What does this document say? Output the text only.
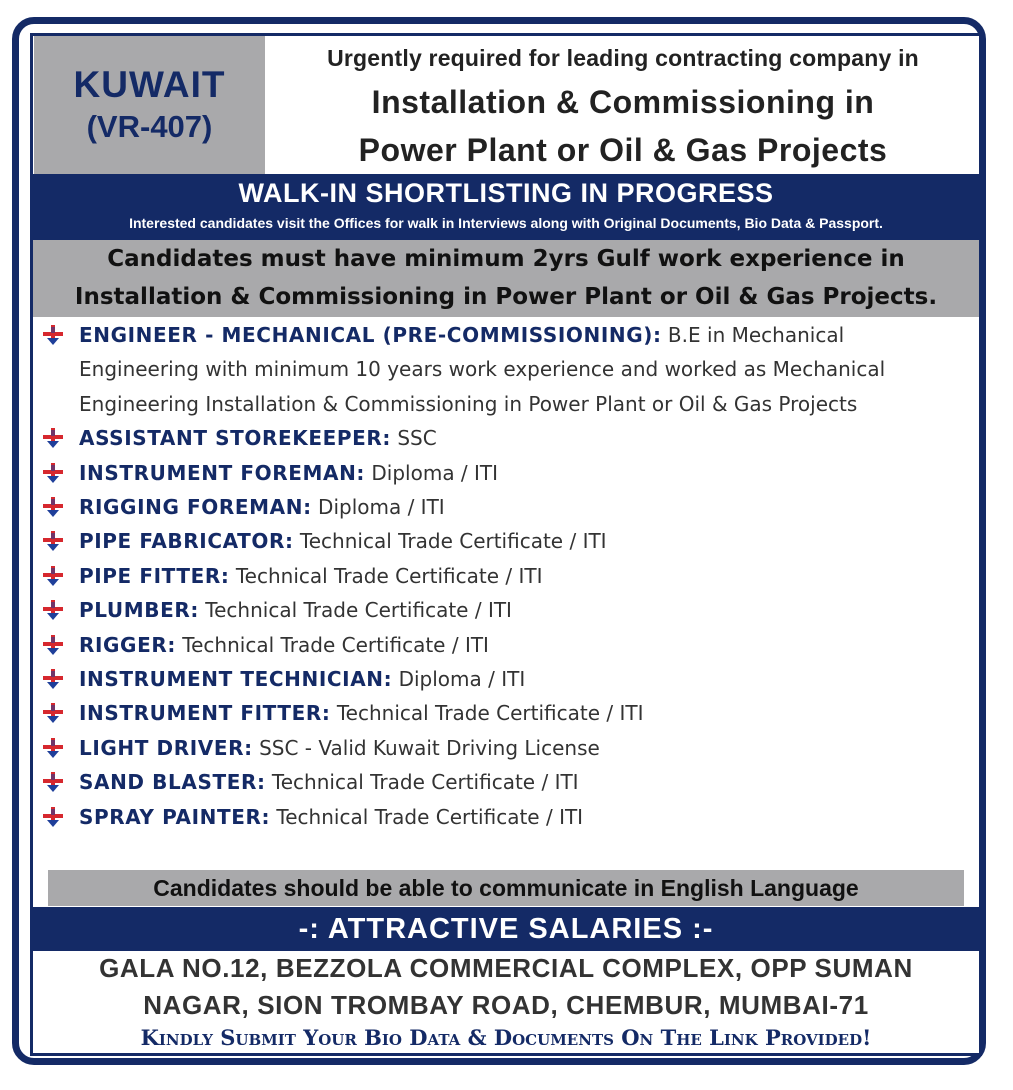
KUWAIT
(VR-407)
Urgently required for leading contracting company in
Installation & Commissioning in
Power Plant or Oil & Gas Projects
WALK-IN SHORTLISTING IN PROGRESS
Interested candidates visit the Offices for walk in Interviews along with Original Documents, Bio Data & Passport.
Candidates must have minimum 2yrs Gulf work experience in
Installation & Commissioning in Power Plant or Oil & Gas Projects.
ENGINEER - MECHANICAL (PRE-COMMISSIONING): B.E in Mechanical Engineering with minimum 10 years work experience and worked as Mechanical Engineering Installation & Commissioning in Power Plant or Oil & Gas Projects
ASSISTANT STOREKEEPER: SSC
INSTRUMENT FOREMAN: Diploma / ITI
RIGGING FOREMAN: Diploma / ITI
PIPE FABRICATOR: Technical Trade Certificate / ITI
PIPE FITTER: Technical Trade Certificate / ITI
PLUMBER: Technical Trade Certificate / ITI
RIGGER: Technical Trade Certificate / ITI
INSTRUMENT TECHNICIAN: Diploma / ITI
INSTRUMENT FITTER: Technical Trade Certificate / ITI
LIGHT DRIVER: SSC - Valid Kuwait Driving License
SAND BLASTER: Technical Trade Certificate / ITI
SPRAY PAINTER: Technical Trade Certificate / ITI
Candidates should be able to communicate in English Language
-: ATTRACTIVE SALARIES :-
GALA NO.12, BEZZOLA COMMERCIAL COMPLEX, OPP SUMAN
NAGAR, SION TROMBAY ROAD, CHEMBUR, MUMBAI-71
Kindly Submit Your Bio Data & Documents On The Link Provided!
